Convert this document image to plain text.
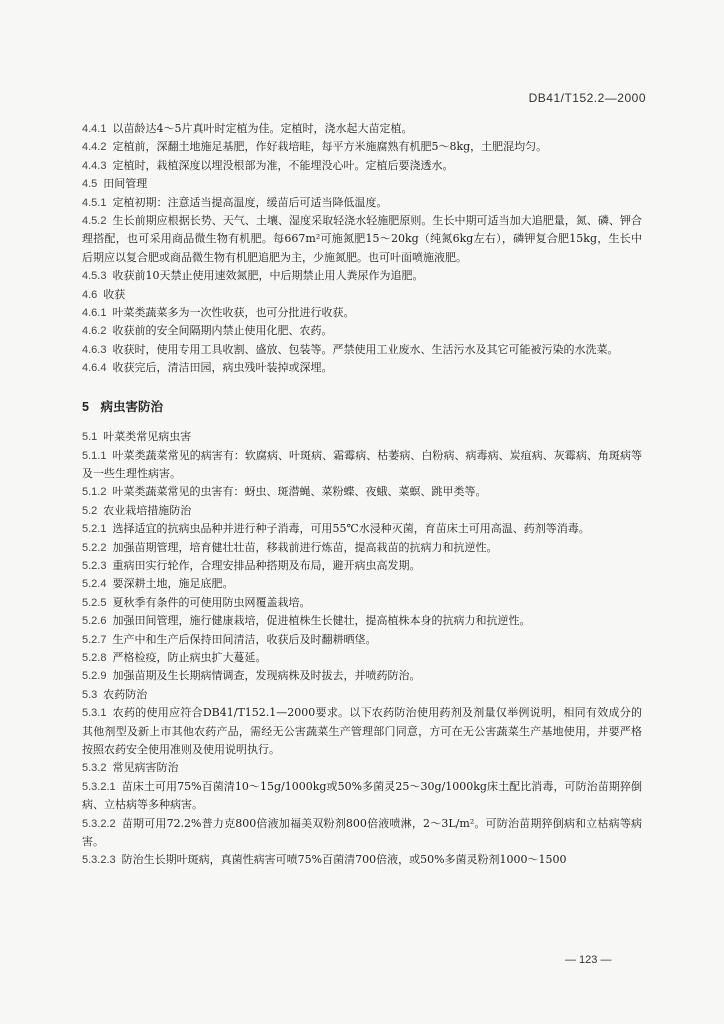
DB41/T152.2—2000

4.4.1 以苗龄达4～5片真叶时定植为佳。定植时，浇水起大苗定植。

4.4.2 定植前，深翻土地施足基肥，作好栽培畦，每平方米施腐熟有机肥5～8kg，土肥混均匀。

4.4.3 定植时，栽植深度以埋没根部为准，不能埋没心叶。定植后要浇透水。

4.5 田间管理

4.5.1 定植初期：注意适当提高温度，缓苗后可适当降低温度。

4.5.2 生长前期应根据长势、天气、土壤、湿度采取轻浇水轻施肥原则。生长中期可适当加大追肥量，氮、磷、钾合理搭配，也可采用商品微生物有机肥。每667m²可施氮肥15～20kg（纯氮6kg左右），磷钾复合肥15kg，生长中后期应以复合肥或商品微生物有机肥追肥为主，少施氮肥。也可叶面喷施液肥。

4.5.3 收获前10天禁止使用速效氮肥，中后期禁止用人粪尿作为追肥。

4.6 收获

4.6.1 叶菜类蔬菜多为一次性收获，也可分批进行收获。

4.6.2 收获前的安全间隔期内禁止使用化肥、农药。

4.6.3 收获时，使用专用工具收割、盛放、包装等。严禁使用工业废水、生活污水及其它可能被污染的水洗菜。

4.6.4 收获完后，清洁田园，病虫残叶装掉或深埋。

5 病虫害防治

5.1 叶菜类常见病虫害

5.1.1 叶菜类蔬菜常见的病害有：软腐病、叶斑病、霜霉病、枯萎病、白粉病、病毒病、炭疽病、灰霉病、角斑病等及一些生理性病害。

5.1.2 叶菜类蔬菜常见的虫害有：蚜虫、斑潜蝇、菜粉蝶、夜蛾、菜螟、跳甲类等。

5.2 农业栽培措施防治

5.2.1 选择适宜的抗病虫品种并进行种子消毒，可用55℃水浸种灭菌，育苗床土可用高温、药剂等消毒。

5.2.2 加强苗期管理，培育健壮壮苗，移栽前进行炼苗，提高栽苗的抗病力和抗逆性。

5.2.3 重病田实行轮作，合理安排品种搭期及布局，避开病虫高发期。

5.2.4 要深耕土地，施足底肥。

5.2.5 夏秋季有条件的可使用防虫网覆盖栽培。

5.2.6 加强田间管理，施行健康栽培，促进植株生长健壮，提高植株本身的抗病力和抗逆性。

5.2.7 生产中和生产后保持田间清洁，收获后及时翻耕晒垡。

5.2.8 严格检疫，防止病虫扩大蔓延。

5.2.9 加强苗期及生长期病情调查，发现病株及时拔去，并喷药防治。

5.3 农药防治

5.3.1 农药的使用应符合DB41/T152.1—2000要求。以下农药防治使用药剂及剂量仅举例说明，相同有效成分的其他剂型及新上市其他农药产品，需经无公害蔬菜生产管理部门同意，方可在无公害蔬菜生产基地使用，并要严格按照农药安全使用准则及使用说明执行。

5.3.2 常见病害防治

5.3.2.1 苗床土可用75%百菌清10～15g/1000kg或50%多菌灵25～30g/1000kg床土配比消毒，可防治苗期猝倒病、立枯病等多种病害。

5.3.2.2 苗期可用72.2%普力克800倍液加福美双粉剂800倍液喷淋，2～3L/m²。可防治苗期猝倒病和立枯病等病害。

5.3.2.3 防治生长期叶斑病，真菌性病害可喷75%百菌清700倍液，或50%多菌灵粉剂1000～1500

— 123 —
